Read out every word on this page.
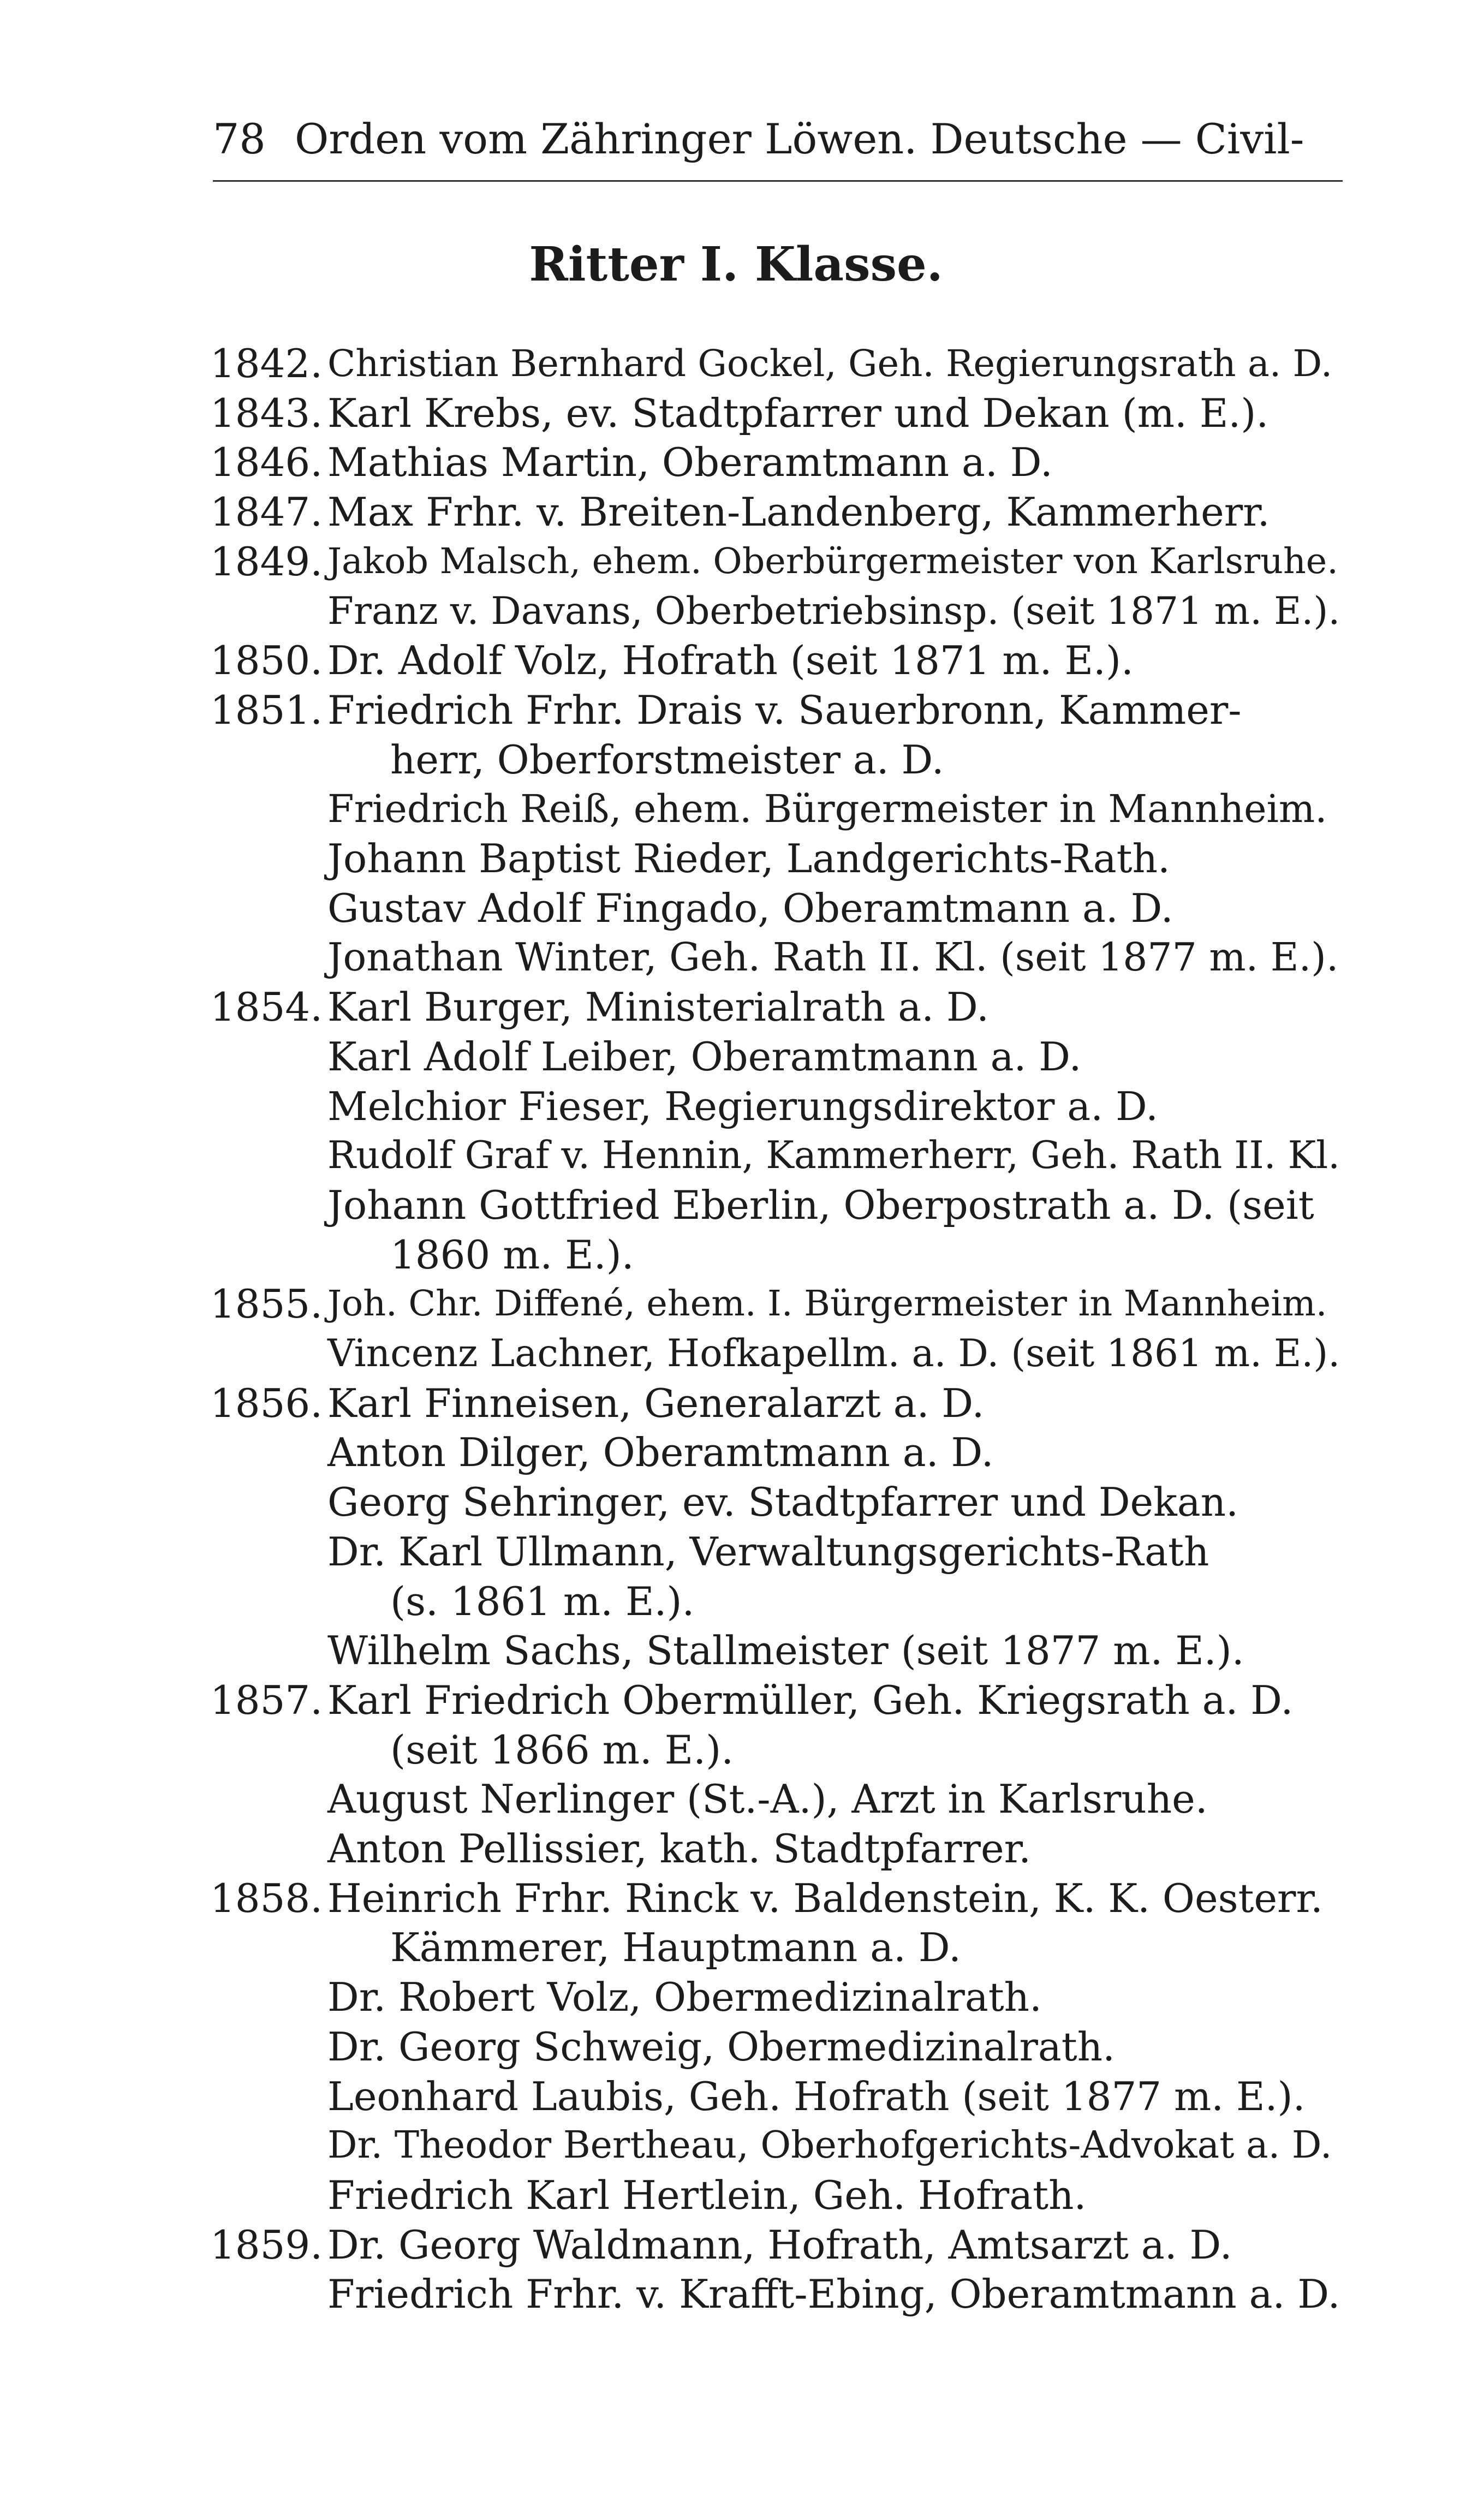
78 Orden vom Zähringer Löwen. Deutsche — Civil-
Ritter I. Klasse.
1842. Christian Bernhard Gockel, Geh. Regierungsrath a. D.
1843. Karl Krebs, ev. Stadtpfarrer und Dekan (m. E.).
1846. Mathias Martin, Oberamtmann a. D.
1847. Max Frhr. v. Breiten-Landenberg, Kammerherr.
1849. Jakob Malsch, ehem. Oberbürgermeister von Karlsruhe.
Franz v. Davans, Oberbetriebsinsp. (seit 1871 m. E.).
1850. Dr. Adolf Volz, Hofrath (seit 1871 m. E.).
1851. Friedrich Frhr. Drais v. Sauerbronn, Kammer-
herr, Oberforstmeister a. D.
Friedrich Reiß, ehem. Bürgermeister in Mannheim.
Johann Baptist Rieder, Landgerichts-Rath.
Gustav Adolf Fingado, Oberamtmann a. D.
Jonathan Winter, Geh. Rath II. Kl. (seit 1877 m. E.).
1854. Karl Burger, Ministerialrath a. D.
Karl Adolf Leiber, Oberamtmann a. D.
Melchior Fieser, Regierungsdirektor a. D.
Rudolf Graf v. Hennin, Kammerherr, Geh. Rath II. Kl.
Johann Gottfried Eberlin, Oberpostrath a. D. (seit
1860 m. E.).
1855. Joh. Chr. Diffené, ehem. I. Bürgermeister in Mannheim.
Vincenz Lachner, Hofkapellm. a. D. (seit 1861 m. E.).
1856. Karl Finneisen, Generalarzt a. D.
Anton Dilger, Oberamtmann a. D.
Georg Sehringer, ev. Stadtpfarrer und Dekan.
Dr. Karl Ullmann, Verwaltungsgerichts-Rath
(s. 1861 m. E.).
Wilhelm Sachs, Stallmeister (seit 1877 m. E.).
1857. Karl Friedrich Obermüller, Geh. Kriegsrath a. D.
(seit 1866 m. E.).
August Nerlinger (St.-A.), Arzt in Karlsruhe.
Anton Pellissier, kath. Stadtpfarrer.
1858. Heinrich Frhr. Rinck v. Baldenstein, K. K. Oesterr.
Kämmerer, Hauptmann a. D.
Dr. Robert Volz, Obermedizinalrath.
Dr. Georg Schweig, Obermedizinalrath.
Leonhard Laubis, Geh. Hofrath (seit 1877 m. E.).
Dr. Theodor Bertheau, Oberhofgerichts-Advokat a. D.
Friedrich Karl Hertlein, Geh. Hofrath.
1859. Dr. Georg Waldmann, Hofrath, Amtsarzt a. D.
Friedrich Frhr. v. Krafft-Ebing, Oberamtmann a. D.
